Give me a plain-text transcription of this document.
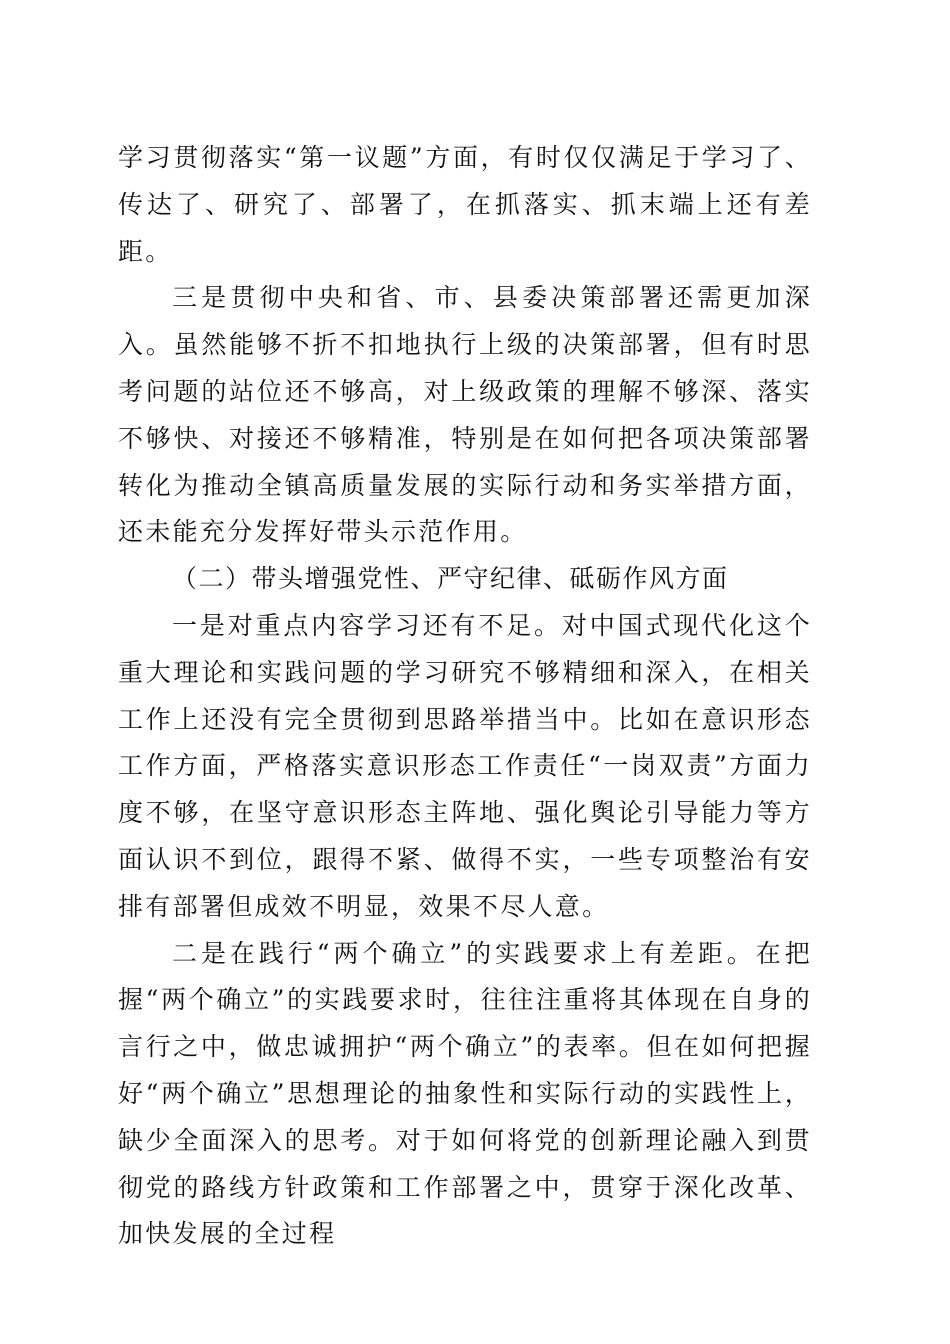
学习贯彻落实“第一议题”方面，有时仅仅满足于学习了、传达了、研究了、部署了，在抓落实、抓末端上还有差距。

三是贯彻中央和省、市、县委决策部署还需更加深入。虽然能够不折不扣地执行上级的决策部署，但有时思考问题的站位还不够高，对上级政策的理解不够深、落实不够快、对接还不够精准，特别是在如何把各项决策部署转化为推动全镇高质量发展的实际行动和务实举措方面，还未能充分发挥好带头示范作用。

（二）带头增强党性、严守纪律、砥砺作风方面

一是对重点内容学习还有不足。对中国式现代化这个重大理论和实践问题的学习研究不够精细和深入，在相关工作上还没有完全贯彻到思路举措当中。比如在意识形态工作方面，严格落实意识形态工作责任“一岗双责”方面力度不够，在坚守意识形态主阵地、强化舆论引导能力等方面认识不到位，跟得不紧、做得不实，一些专项整治有安排有部署但成效不明显，效果不尽人意。

二是在践行“两个确立”的实践要求上有差距。在把握“两个确立”的实践要求时，往往注重将其体现在自身的言行之中，做忠诚拥护“两个确立”的表率。但在如何把握好“两个确立”思想理论的抽象性和实际行动的实践性上，缺少全面深入的思考。对于如何将党的创新理论融入到贯彻党的路线方针政策和工作部署之中，贯穿于深化改革、加快发展的全过程
